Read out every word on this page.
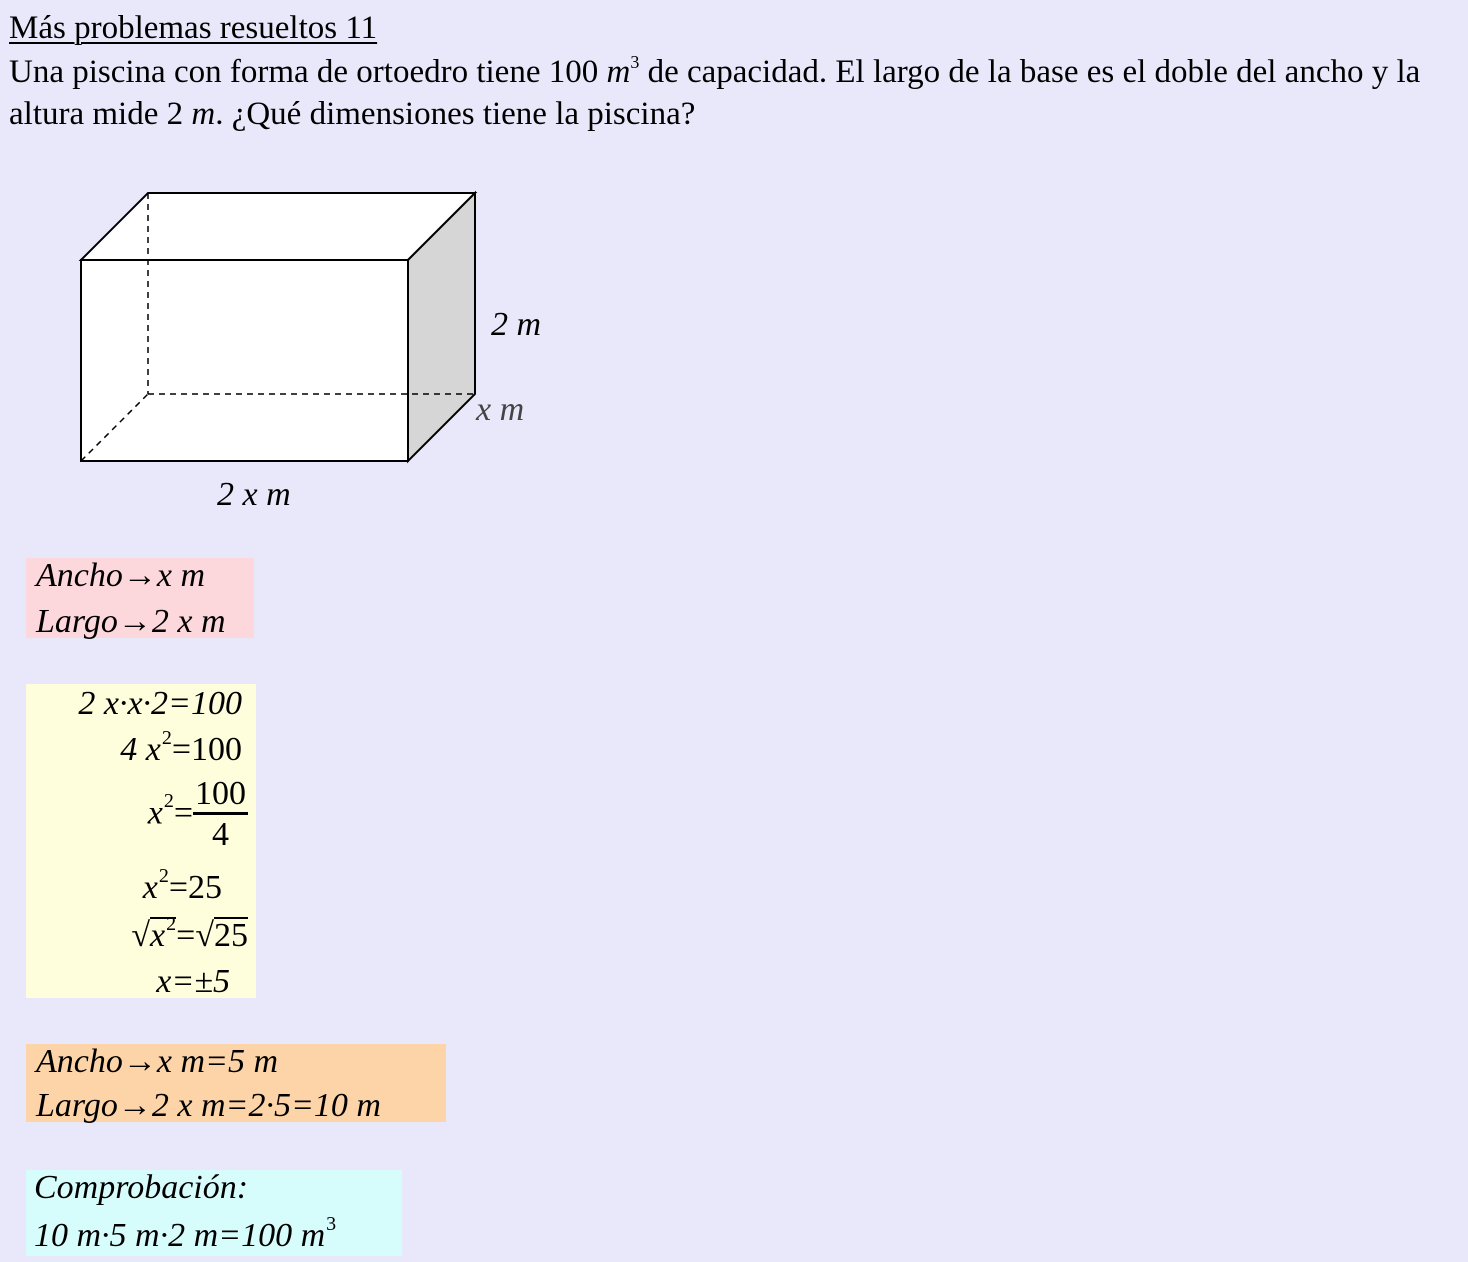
Más problemas resueltos 11
Una piscina con forma de ortoedro tiene 100 $m^3$ de capacidad. El largo de la base es el doble del ancho y la altura mide 2 m. ¿Qué dimensiones tiene la piscina?
2 m
x m
2 x m
Ancho→x m
Largo→2 x m
2 x·x·2=100
4 $x^2=100$
$x^2= \frac{100}{4}$
$x^2=25$
$√x^2=√25$
x=±5
Ancho→x m=5 m
Largo→2 x m=2·5=10 m
Comprobación:
10 m·5 m·2 m=100 $m^3$
